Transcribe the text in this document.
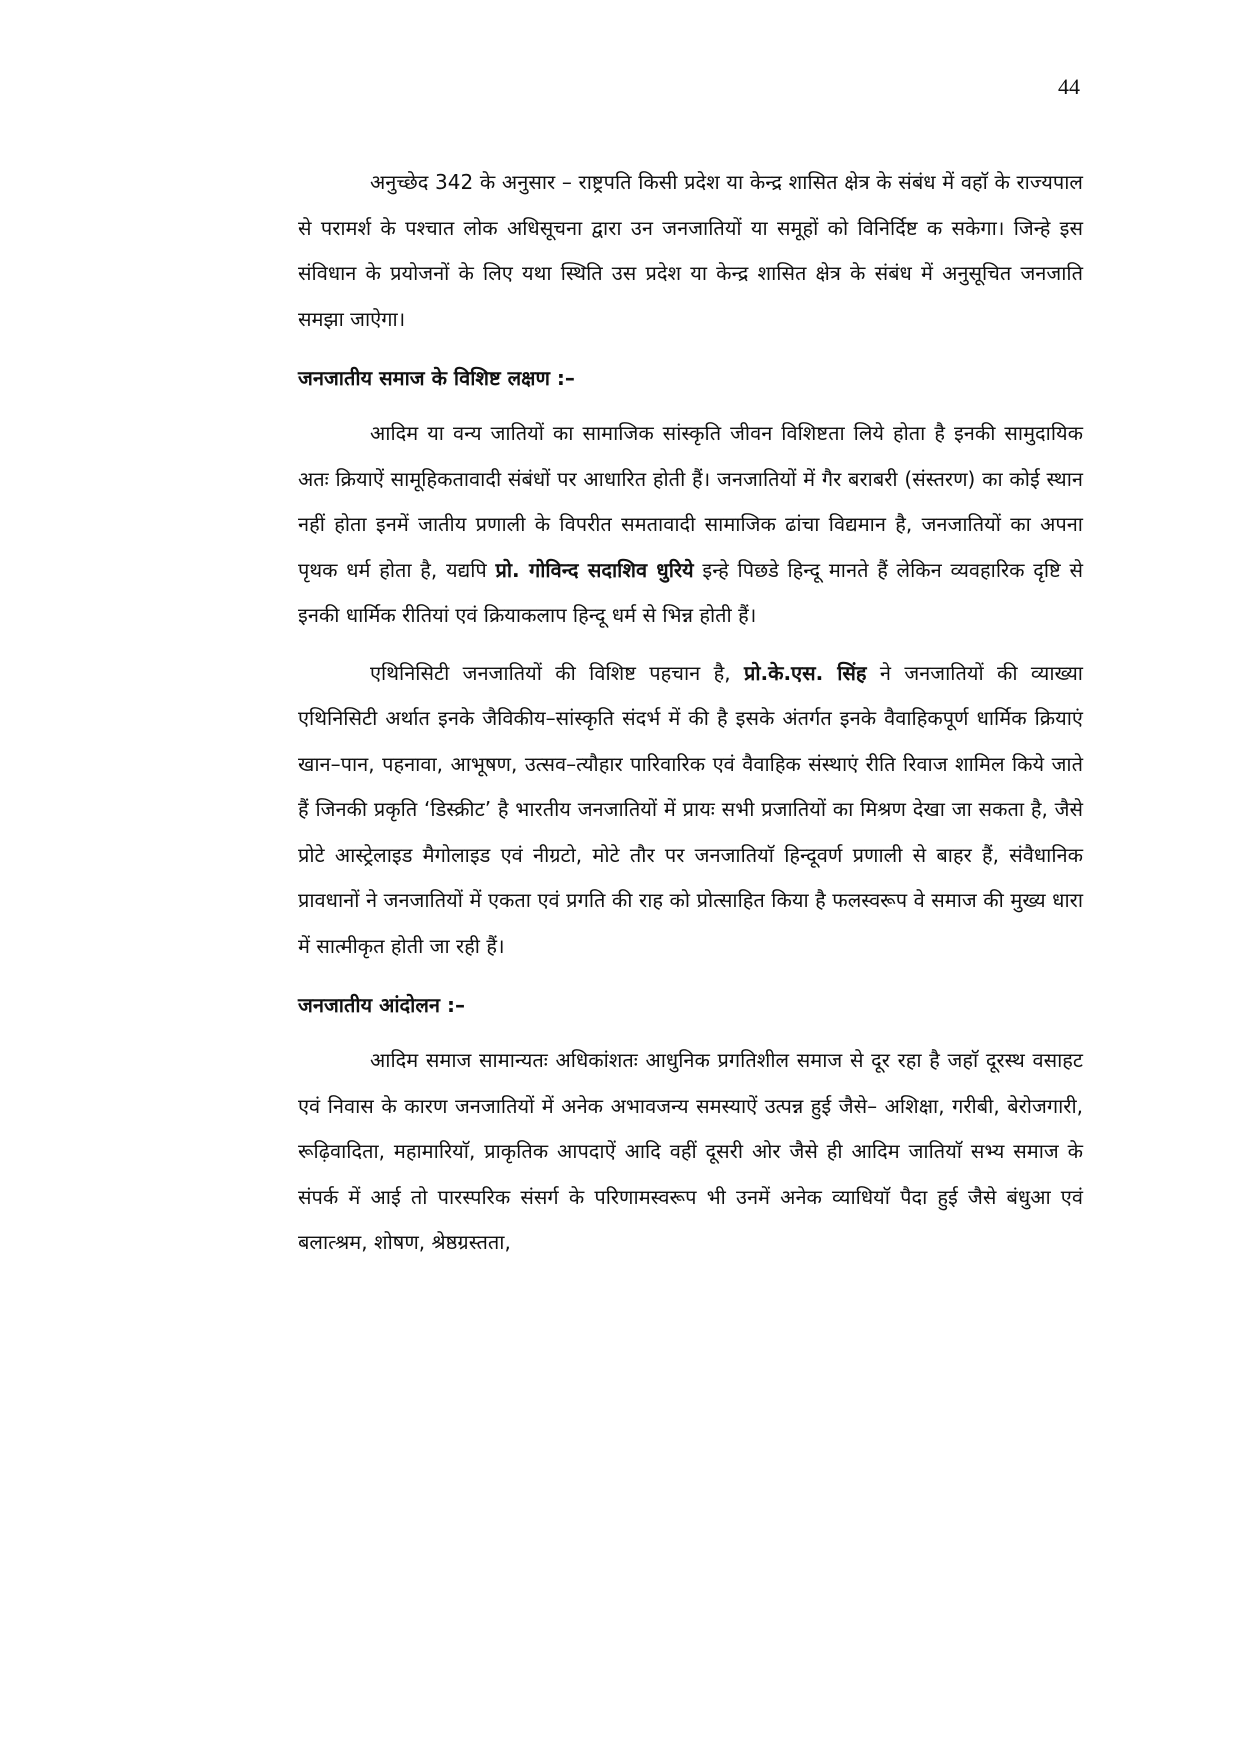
44

अनुच्छेद 342 के अनुसार – राष्ट्रपति किसी प्रदेश या केन्द्र शासित क्षेत्र के संबंध में वहाॅ के राज्यपाल से परामर्श के पश्चात लोक अधिसूचना द्वारा उन जनजातियों या समूहों को विनिर्दिष्ट क सकेगा। जिन्हे इस संविधान के प्रयोजनों के लिए यथा स्थिति उस प्रदेश या केन्द्र शासित क्षेत्र के संबंध में अनुसूचित जनजाति समझा जाऐगा।

जनजातीय समाज के विशिष्ट लक्षण :–

आदिम या वन्य जातियों का सामाजिक सांस्कृति जीवन विशिष्टता लिये होता है इनकी सामुदायिक अतः क्रियाऐं सामूहिकतावादी संबंधों पर आधारित होती हैं। जनजातियों में गैर बराबरी (संस्तरण) का कोई स्थान नहीं होता इनमें जातीय प्रणाली के विपरीत समतावादी सामाजिक ढांचा विद्यमान है, जनजातियों का अपना पृथक धर्म होता है, यद्यपि प्रो. गोविन्द सदाशिव धुरिये इन्हे पिछडे हिन्दू मानते हैं लेकिन व्यवहारिक दृष्टि से इनकी धार्मिक रीतियां एवं क्रियाकलाप हिन्दू धर्म से भिन्न होती हैं।

एथिनिसिटी जनजातियों की विशिष्ट पहचान है, प्रो.के.एस. सिंह ने जनजातियों की व्याख्या एथिनिसिटी अर्थात इनके जैविकीय–सांस्कृति संदर्भ में की है इसके अंतर्गत इनके वैवाहिकपूर्ण धार्मिक क्रियाएं खान–पान, पहनावा, आभूषण, उत्सव–त्यौहार पारिवारिक एवं वैवाहिक संस्थाएं रीति रिवाज शामिल किये जाते हैं जिनकी प्रकृति ‘डिस्क्रीट’ है भारतीय जनजातियों में प्रायः सभी प्रजातियों का मिश्रण देखा जा सकता है, जैसे प्रोटे आस्ट्रेलाइड मैगोलाइड एवं नीग्रटो, मोटे तौर पर जनजातियाॅ हिन्दूवर्ण प्रणाली से बाहर हैं, संवैधानिक प्रावधानों ने जनजातियों में एकता एवं प्रगति की राह को प्रोत्साहित किया है फलस्वरूप वे समाज की मुख्य धारा में सात्मीकृत होती जा रही हैं।

जनजातीय आंदोलन :–

आदिम समाज सामान्यतः अधिकांशतः आधुनिक प्रगतिशील समाज से दूर रहा है जहाॅ दूरस्थ वसाहट एवं निवास के कारण जनजातियों में अनेक अभावजन्य समस्याऐं उत्पन्न हुई जैसे– अशिक्षा, गरीबी, बेरोजगारी, रूढ़िवादिता, महामारियाॅ, प्राकृतिक आपदाऐं आदि वहीं दूसरी ओर जैसे ही आदिम जातियाॅ सभ्य समाज के संपर्क में आई तो पारस्परिक संसर्ग के परिणामस्वरूप भी उनमें अनेक व्याधियाॅ पैदा हुई जैसे बंधुआ एवं बलात्श्रम, शोषण, श्रेष्ठग्रस्तता,
